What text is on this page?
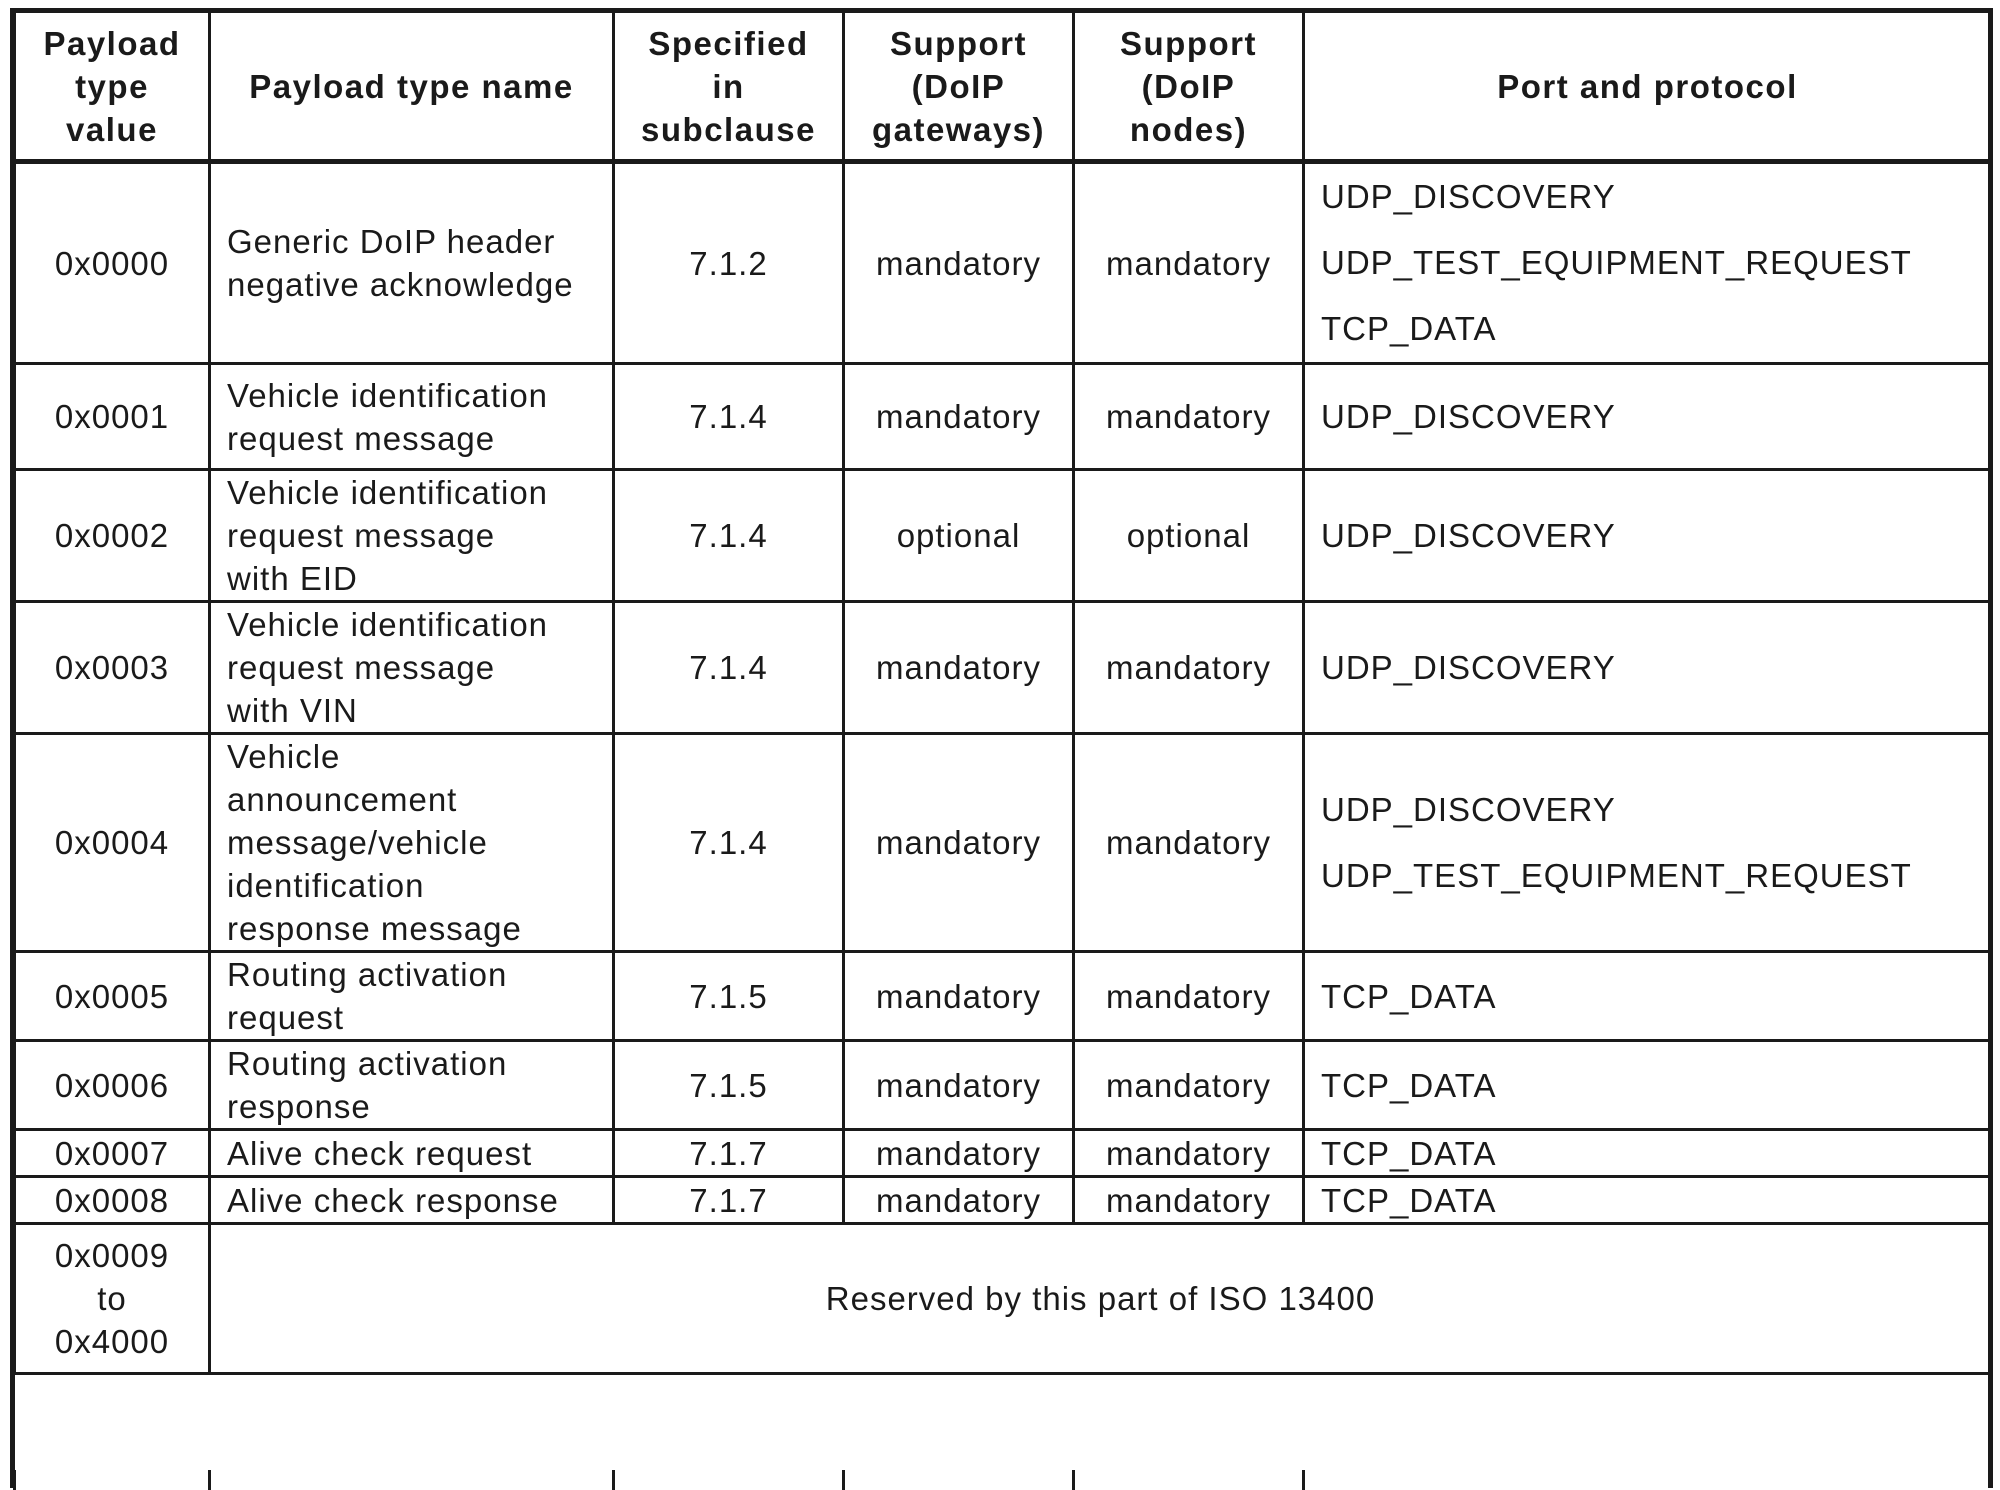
Payload
type
value	Payload type name	Specified
in
subclause	Support
(DoIP
gateways)	Support
(DoIP
nodes)	Port and protocol

0x0000	Generic DoIP header
negative acknowledge	7.1.2	mandatory	mandatory	UDP_DISCOVERY
UDP_TEST_EQUIPMENT_REQUEST
TCP_DATA

0x0001	Vehicle identification
request message	7.1.4	mandatory	mandatory	UDP_DISCOVERY

0x0002	Vehicle identification
request message
with EID	7.1.4	optional	optional	UDP_DISCOVERY

0x0003	Vehicle identification
request message
with VIN	7.1.4	mandatory	mandatory	UDP_DISCOVERY

0x0004	Vehicle
announcement
message/vehicle
identification
response message	7.1.4	mandatory	mandatory	UDP_DISCOVERY
UDP_TEST_EQUIPMENT_REQUEST

0x0005	Routing activation
request	7.1.5	mandatory	mandatory	TCP_DATA

0x0006	Routing activation
response	7.1.5	mandatory	mandatory	TCP_DATA

0x0007	Alive check request	7.1.7	mandatory	mandatory	TCP_DATA

0x0008	Alive check response	7.1.7	mandatory	mandatory	TCP_DATA

0x0009
to
0x4000	Reserved by this part of ISO 13400				
